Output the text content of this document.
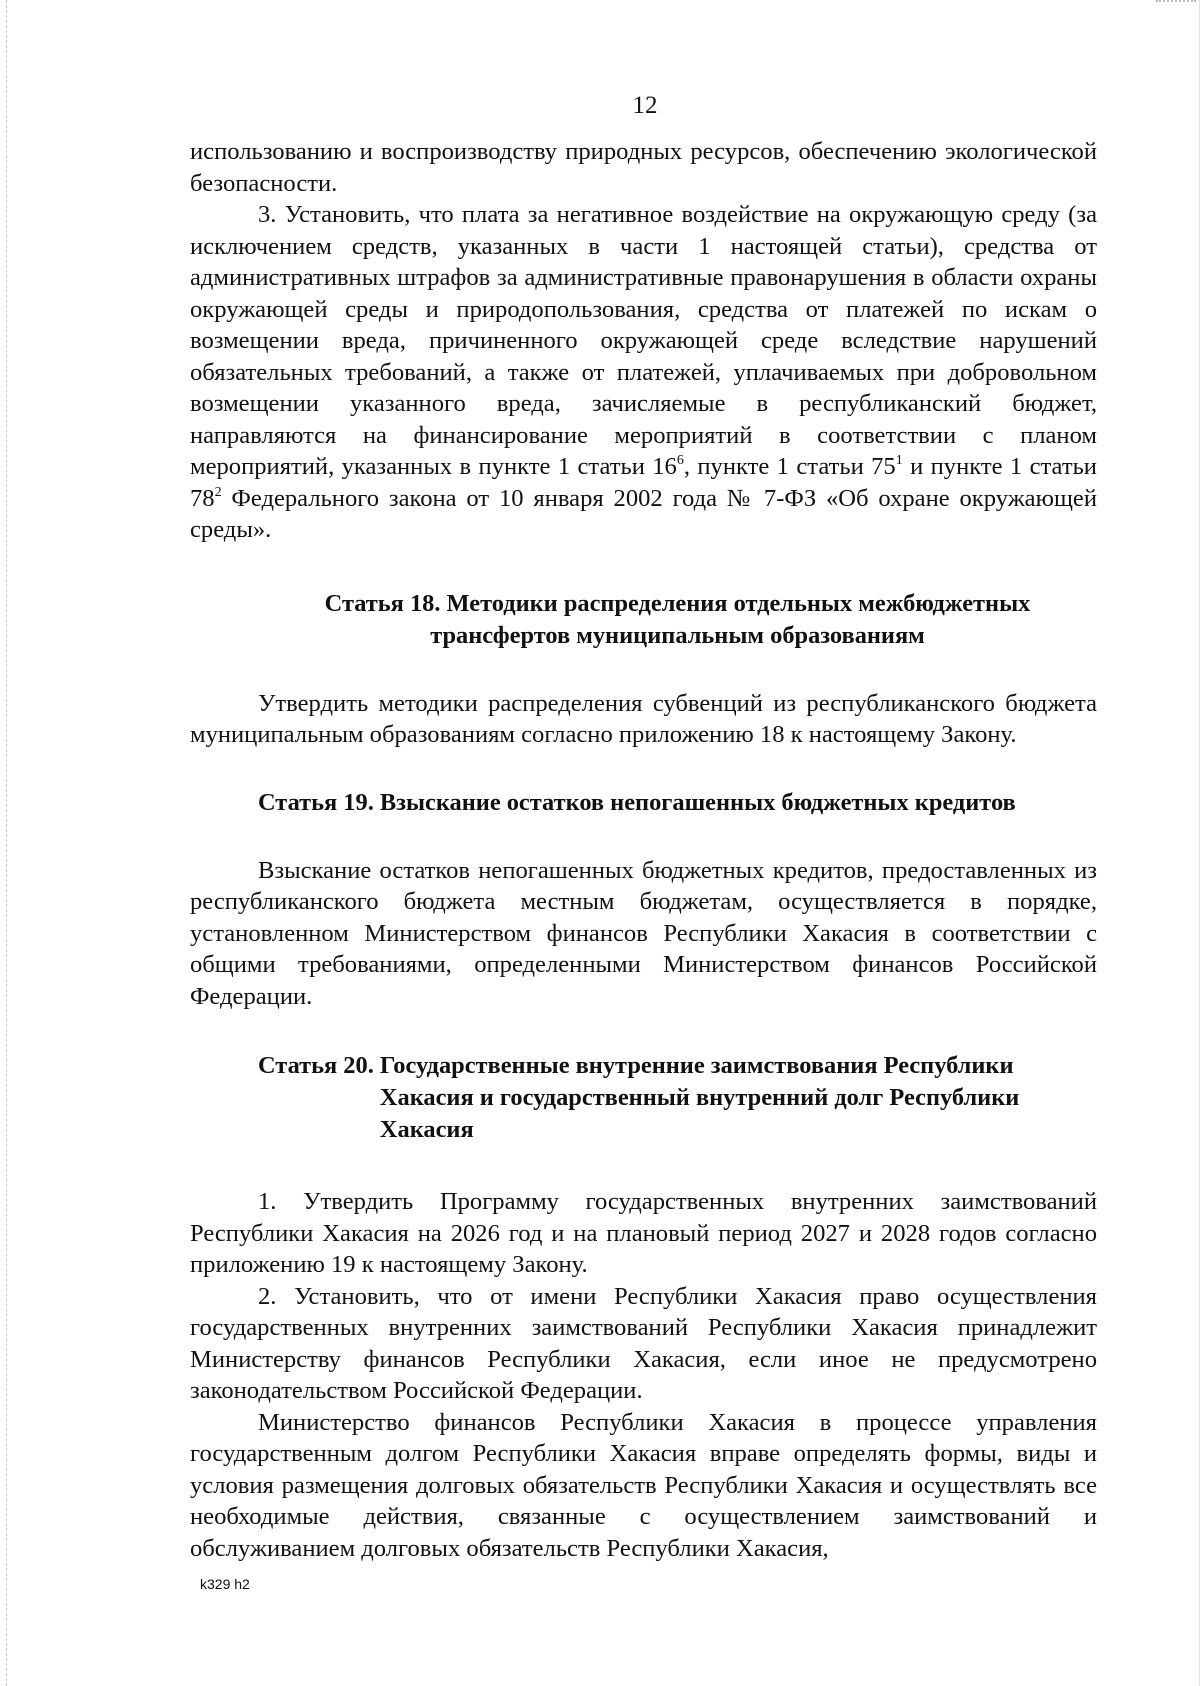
12

использованию и воспроизводству природных ресурсов, обеспечению экологической безопасности.

3. Установить, что плата за негативное воздействие на окружающую среду (за исключением средств, указанных в части 1 настоящей статьи), средства от административных штрафов за административные правонарушения в области охраны окружающей среды и природопользования, средства от платежей по искам о возмещении вреда, причиненного окружающей среде вследствие нарушений обязательных требований, а также от платежей, уплачиваемых при добровольном возмещении указанного вреда, зачисляемые в республиканский бюджет, направляются на финансирование мероприятий в соответствии с планом мероприятий, указанных в пункте 1 статьи $16^6$, пункте 1 статьи $75^1$ и пункте 1 статьи $78^2$ Федерального закона от 10 января 2002 года № 7-ФЗ «Об охране окружающей среды».

Статья 18. Методики распределения отдельных межбюджетных
трансфертов муниципальным образованиям

Утвердить методики распределения субвенций из республиканского бюджета муниципальным образованиям согласно приложению 18 к настоящему Закону.

Статья 19. Взыскание остатков непогашенных бюджетных кредитов

Взыскание остатков непогашенных бюджетных кредитов, предоставленных из республиканского бюджета местным бюджетам, осуществляется в порядке, установленном Министерством финансов Республики Хакасия в соответствии с общими требованиями, определенными Министерством финансов Российской Федерации.

Статья 20. Государственные внутренние заимствования Республики Хакасия и государственный внутренний долг Республики Хакасия

1. Утвердить Программу государственных внутренних заимствований Республики Хакасия на 2026 год и на плановый период 2027 и 2028 годов согласно приложению 19 к настоящему Закону.

2. Установить, что от имени Республики Хакасия право осуществления государственных внутренних заимствований Республики Хакасия принадлежит Министерству финансов Республики Хакасия, если иное не предусмотрено законодательством Российской Федерации.

Министерство финансов Республики Хакасия в процессе управления государственным долгом Республики Хакасия вправе определять формы, виды и условия размещения долговых обязательств Республики Хакасия и осуществлять все необходимые действия, связанные с осуществлением заимствований и обслуживанием долговых обязательств Республики Хакасия,

k329 h2
